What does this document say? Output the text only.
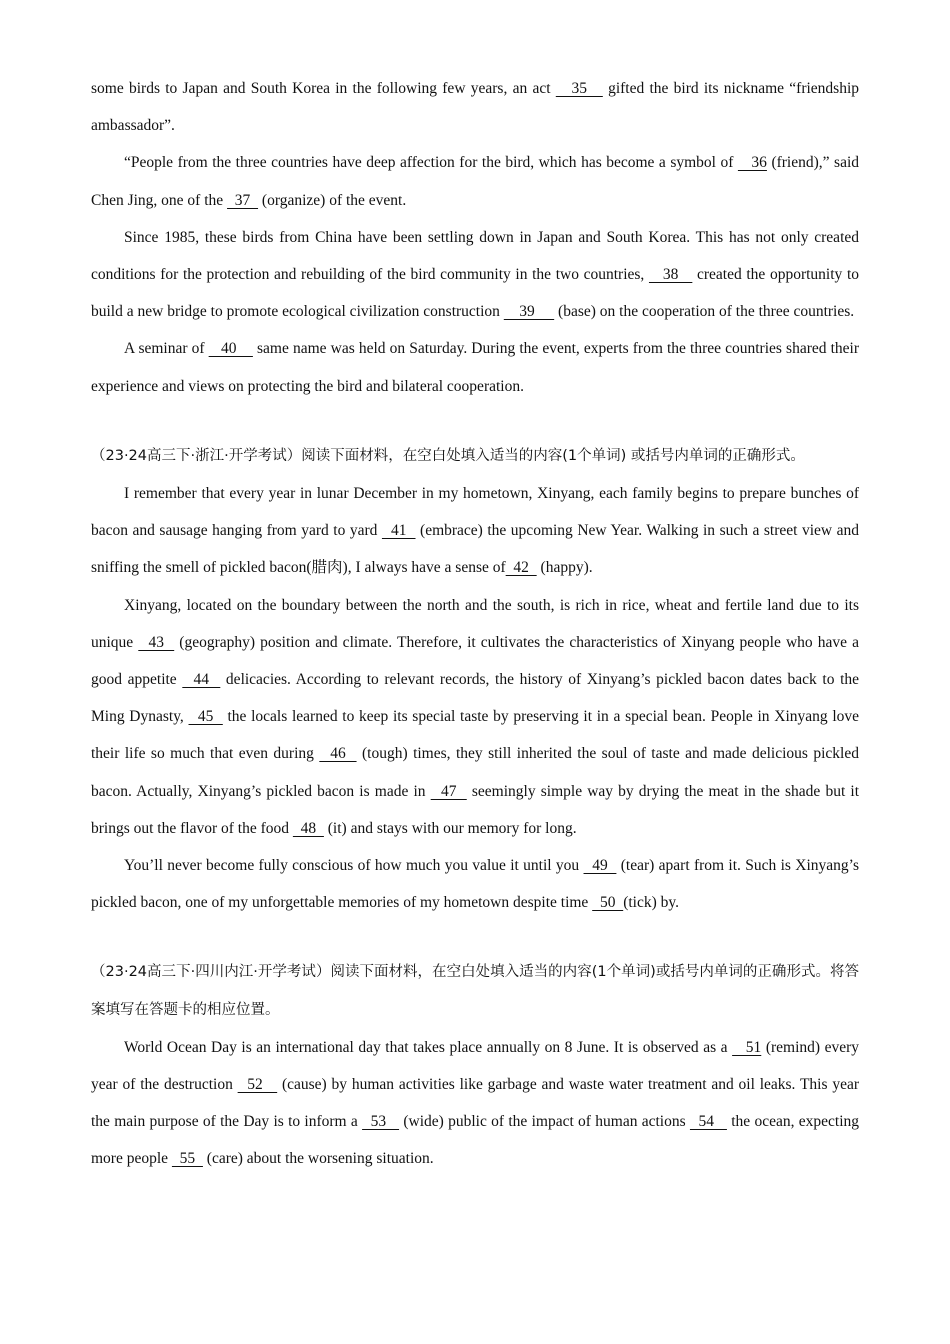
some birds to Japan and South Korea in the following few years, an act    35    gifted the bird its nickname “friendship ambassador”.

“People from the three countries have deep affection for the bird, which has become a symbol of    36 (friend),” said Chen Jing, one of the   37   (organize) of the event.

Since 1985, these birds from China have been settling down in Japan and South Korea. This has not only created conditions for the protection and rebuilding of the bird community in the two countries,    38    created the opportunity to build a new bridge to promote ecological civilization construction     39      (base) on the cooperation of the three countries.

A seminar of    40     same name was held on Saturday. During the event, experts from the three countries shared their experience and views on protecting the bird and bilateral cooperation.

（23·24高三下·浙江·开学考试）阅读下面材料，在空白处填入适当的内容(1个单词) 或括号内单词的正确形式。

I remember that every year in lunar December in my hometown, Xinyang, each family begins to prepare bunches of bacon and sausage hanging from yard to yard   41   (embrace) the upcoming New Year. Walking in such a street view and sniffing the smell of pickled bacon(腊肉), I always have a sense of  42   (happy).

Xinyang, located on the boundary between the north and the south, is rich in rice, wheat and fertile land due to its unique   43   (geography) position and climate. Therefore, it cultivates the characteristics of Xinyang people who have a good appetite   44   delicacies. According to relevant records, the history of Xinyang’s pickled bacon dates back to the Ming Dynasty,   45   the locals learned to keep its special taste by preserving it in a special bean. People in Xinyang love their life so much that even during   46   (tough) times, they still inherited the soul of taste and made delicious pickled bacon. Actually, Xinyang’s pickled bacon is made in   47   seemingly simple way by drying the meat in the shade but it brings out the flavor of the food   48   (it) and stays with our memory for long.

You’ll never become fully conscious of how much you value it until you   49   (tear) apart from it. Such is Xinyang’s pickled bacon, one of my unforgettable memories of my hometown despite time   50  (tick) by.

（23·24高三下·四川内江·开学考试）阅读下面材料，在空白处填入适当的内容(1个单词)或括号内单词的正确形式。将答案填写在答题卡的相应位置。

World Ocean Day is an international day that takes place annually on 8 June. It is observed as a    51 (remind) every year of the destruction   52    (cause) by human activities like garbage and waste water treatment and oil leaks. This year the main purpose of the Day is to inform a   53    (wide) public of the impact of human actions   54    the ocean, expecting more people   55   (care) about the worsening situation.
